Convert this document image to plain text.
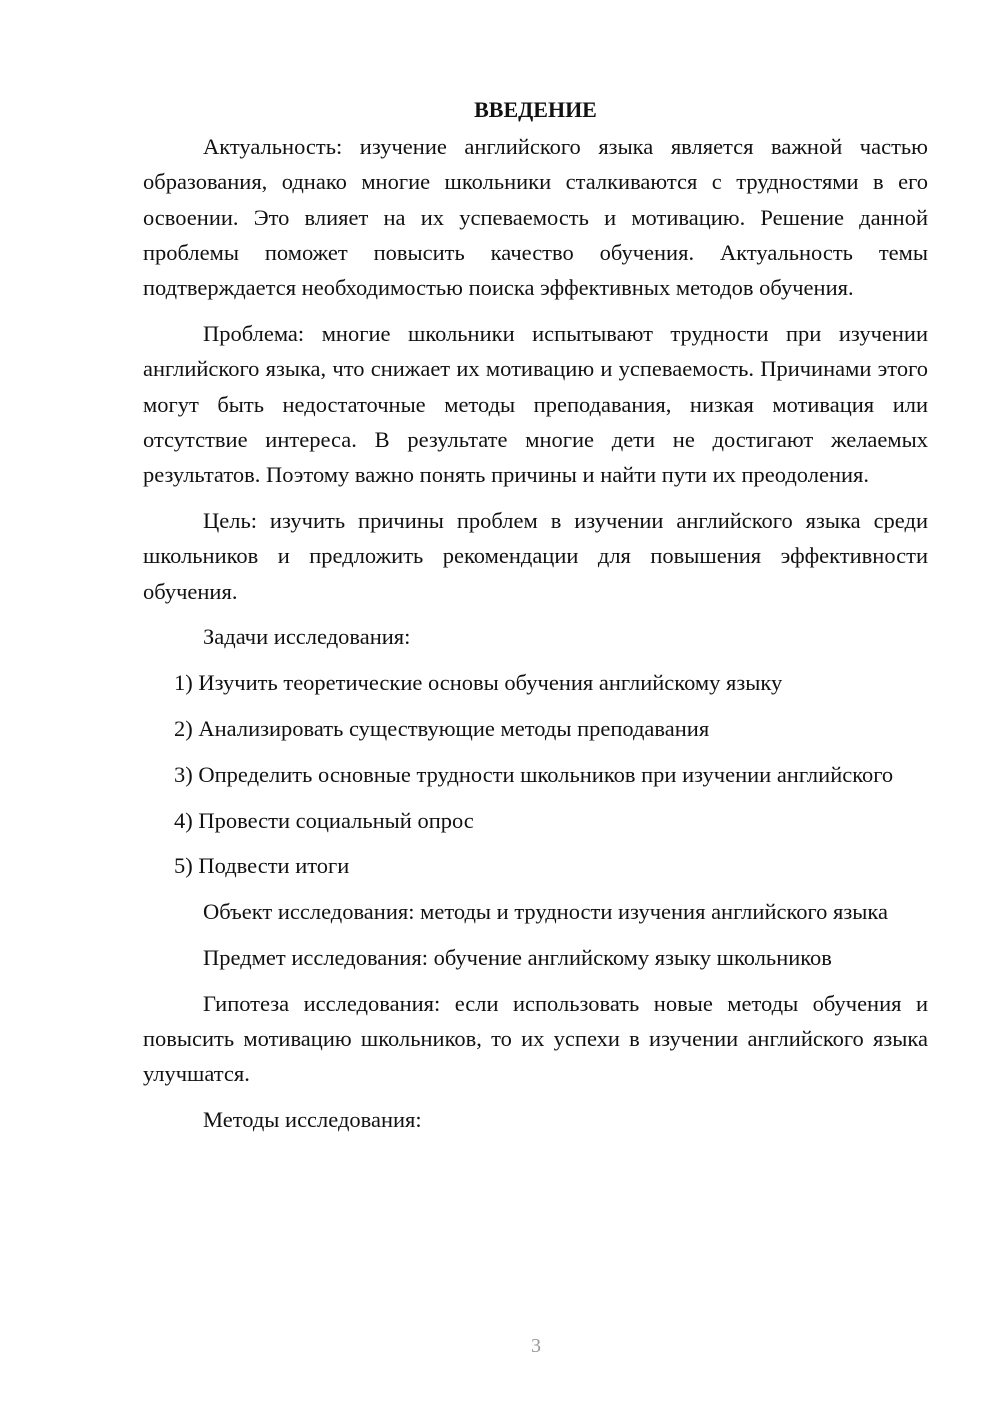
ВВЕДЕНИЕ

Актуальность: изучение английского языка является важной частью образования, однако многие школьники сталкиваются с трудностями в его освоении. Это влияет на их успеваемость и мотивацию. Решение данной проблемы поможет повысить качество обучения. Актуальность темы подтверждается необходимостью поиска эффективных методов обучения.

Проблема: многие школьники испытывают трудности при изучении английского языка, что снижает их мотивацию и успеваемость. Причинами этого могут быть недостаточные методы преподавания, низкая мотивация или отсутствие интереса. В результате многие дети не достигают желаемых результатов. Поэтому важно понять причины и найти пути их преодоления.

Цель: изучить причины проблем в изучении английского языка среди школьников и предложить рекомендации для повышения эффективности обучения.

Задачи исследования:

1) Изучить теоретические основы обучения английскому языку

2) Анализировать существующие методы преподавания

3) Определить основные трудности школьников при изучении английского

4) Провести социальный опрос

5) Подвести итоги

Объект исследования: методы и трудности изучения английского языка

Предмет исследования: обучение английскому языку школьников

Гипотеза исследования: если использовать новые методы обучения и повысить мотивацию школьников, то их успехи в изучении английского языка улучшатся.

Методы исследования:

3
